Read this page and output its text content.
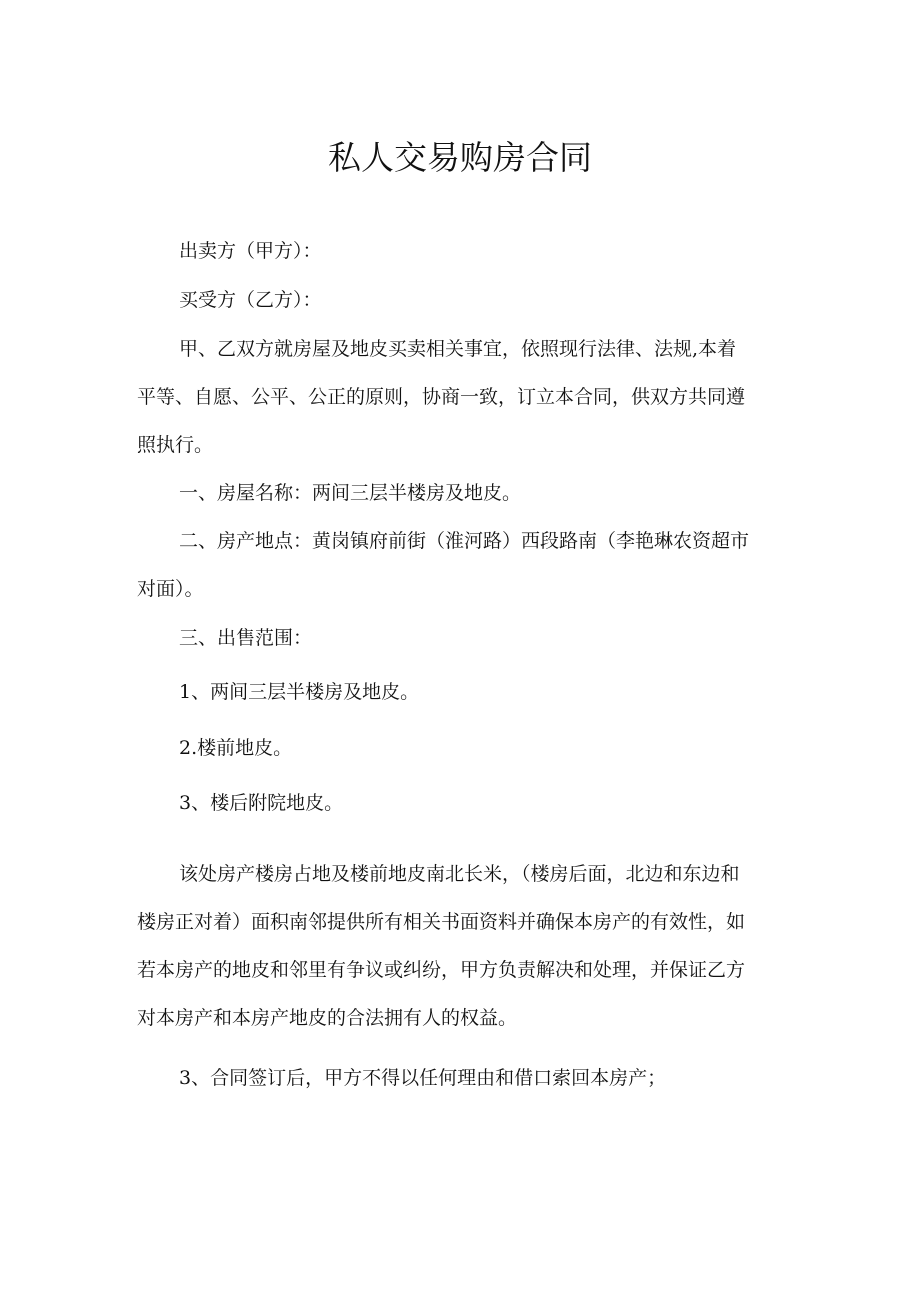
私人交易购房合同

出卖方（甲方）：

买受方（乙方）：

甲、乙双方就房屋及地皮买卖相关事宜，依照现行法律、法规,本着
平等、自愿、公平、公正的原则，协商一致，订立本合同，供双方共同遵
照执行。

一、房屋名称：两间三层半楼房及地皮。

二、房产地点：黄岗镇府前街（淮河路）西段路南（李艳琳农资超市
对面）。

三、出售范围：

1、两间三层半楼房及地皮。

2.楼前地皮。

3、楼后附院地皮。

该处房产楼房占地及楼前地皮南北长米，（楼房后面，北边和东边和
楼房正对着）面积南邻提供所有相关书面资料并确保本房产的有效性，如
若本房产的地皮和邻里有争议或纠纷，甲方负责解决和处理，并保证乙方
对本房产和本房产地皮的合法拥有人的权益。

3、合同签订后，甲方不得以任何理由和借口索回本房产；
